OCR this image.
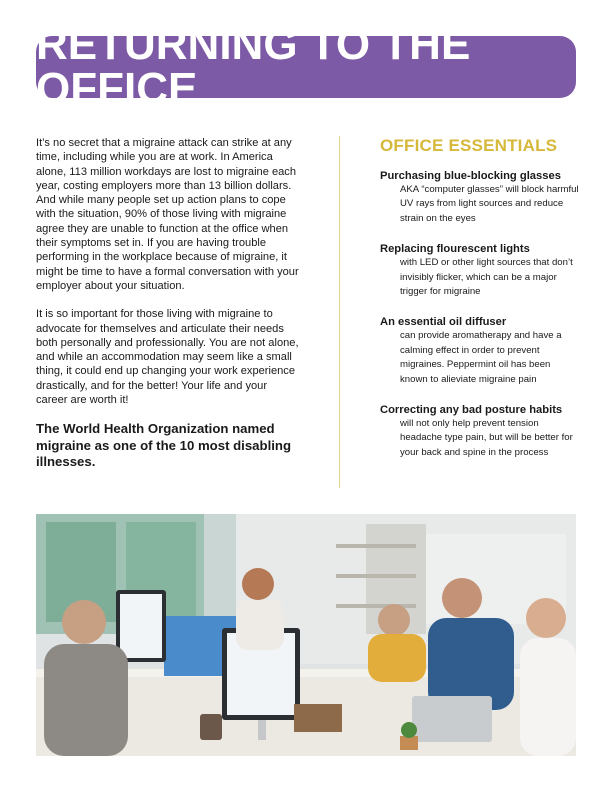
RETURNING TO THE OFFICE

It’s no secret that a migraine attack can strike at any time, including while you are at work. In America alone, 113 million workdays are lost to migraine each year, costing employers more than 13 billion dollars. And while many people set up action plans to cope with the situation, 90% of those living with migraine agree they are unable to function at the office when their symptoms set in. If you are having trouble performing in the workplace because of migraine, it might be time to have a formal conversation with your employer about your situation.

It is so important for those living with migraine to advocate for themselves and articulate their needs both personally and professionally. You are not alone, and while an accommodation may seem like a small thing, it could end up changing your work experience drastically, and for the better! Your life and your career are worth it!

The World Health Organization named migraine as one of the 10 most disabling illnesses.

OFFICE ESSENTIALS

Purchasing blue-blocking glasses

AKA “computer glasses” will block harmful UV rays from light sources and reduce strain on the eyes

Replacing flourescent lights

with LED or other light sources that don’t invisibly flicker, which can be a major trigger for migraine

An essential oil diffuser

can provide aromatherapy and have a calming effect in order to prevent migraines. Peppermint oil has been known to alieviate migraine pain

Correcting any bad posture habits

will not only help prevent tension headache type pain, but will be better for your back and spine in the process
